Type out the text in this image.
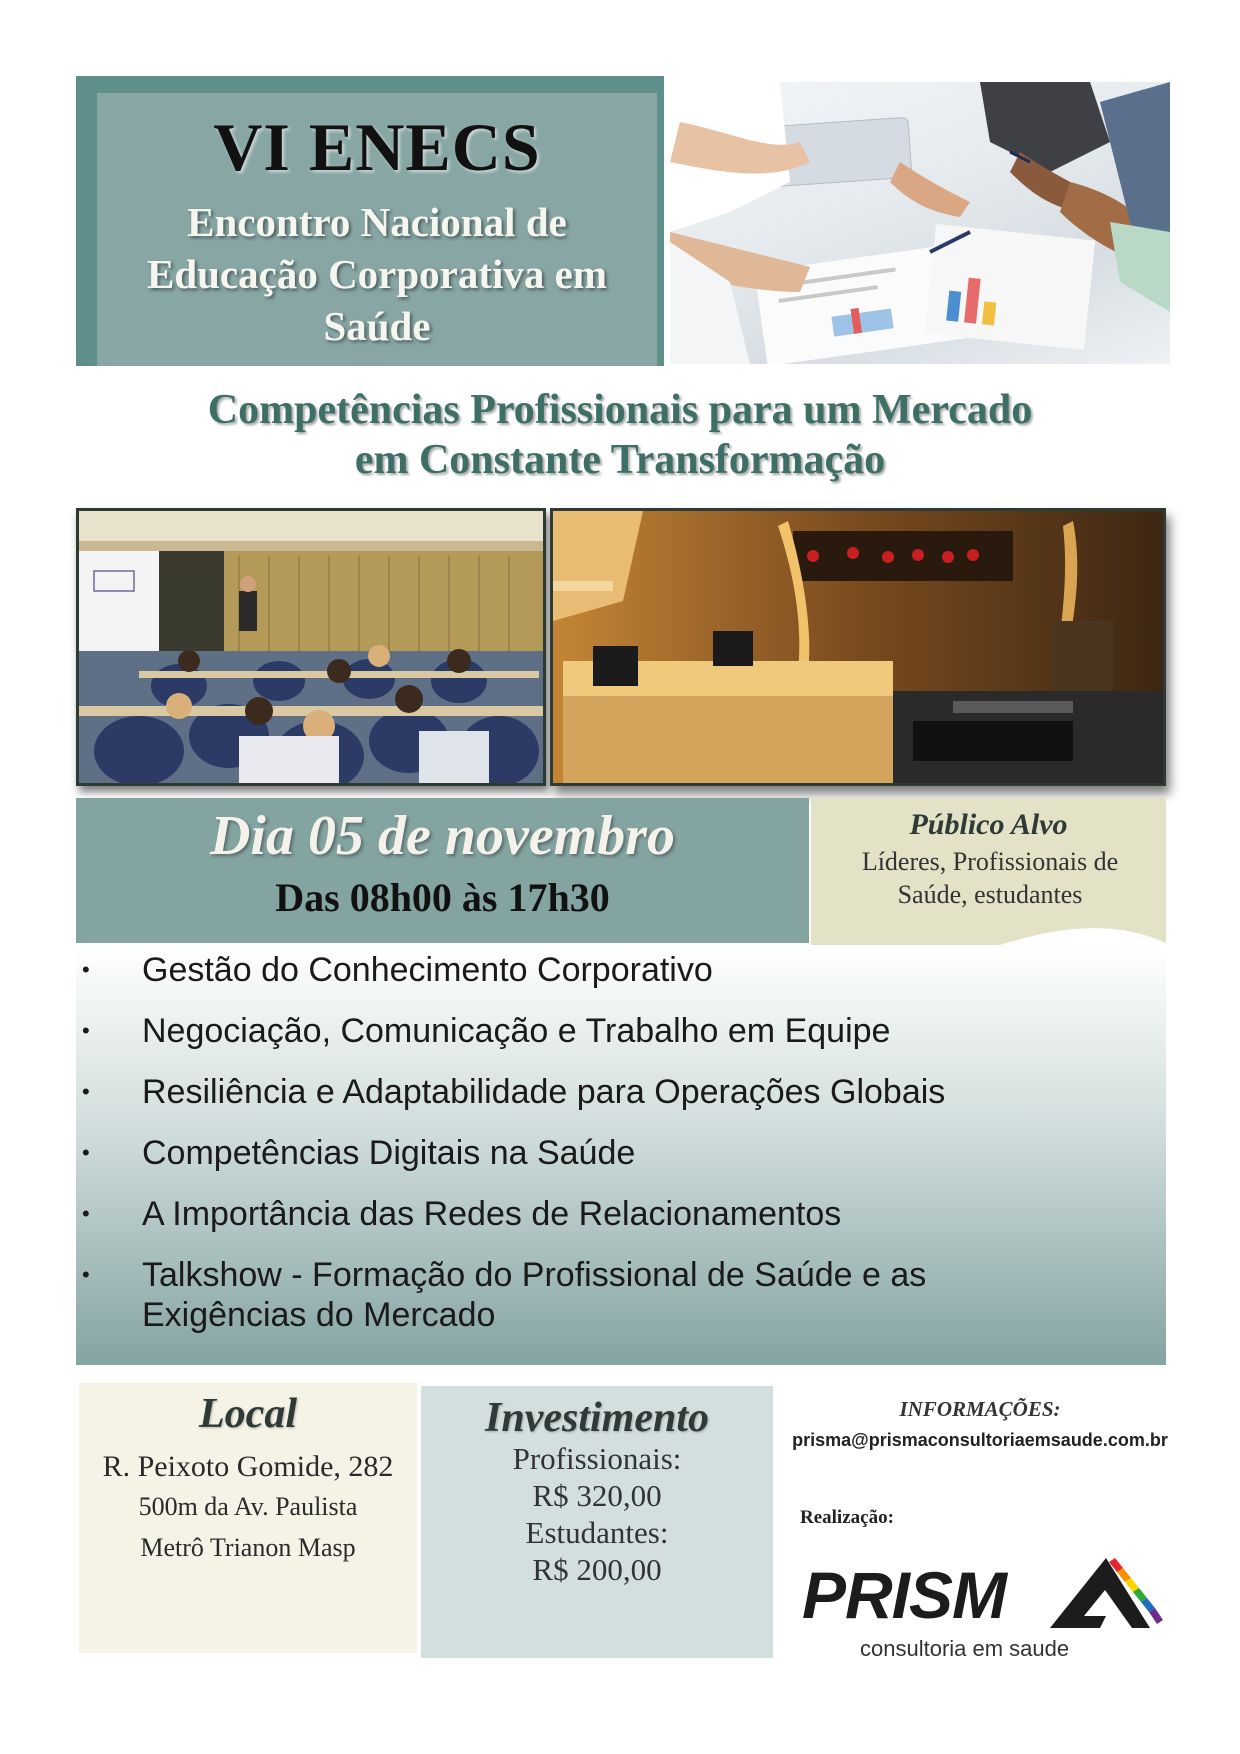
VI ENECS
Encontro Nacional de
Educação Corporativa em
Saúde
Competências Profissionais para um Mercado
em Constante Transformação
Dia 05 de novembro
Das 08h00 às 17h30
Público Alvo
Líderes, Profissionais de Saúde, estudantes
• Gestão do Conhecimento Corporativo
• Negociação, Comunicação e Trabalho em Equipe
• Resiliência e Adaptabilidade para Operações Globais
• Competências Digitais na Saúde
• A Importância das Redes de Relacionamentos
• Talkshow - Formação do Profissional de Saúde e as Exigências do Mercado
Local
R. Peixoto Gomide, 282
500m da Av. Paulista
Metrô Trianon Masp
Investimento
Profissionais:
R$ 320,00
Estudantes:
R$ 200,00
INFORMAÇÕES:
prisma@prismaconsultoriaemsaude.com.br
Realização:
PRISM
consultoria em saude
